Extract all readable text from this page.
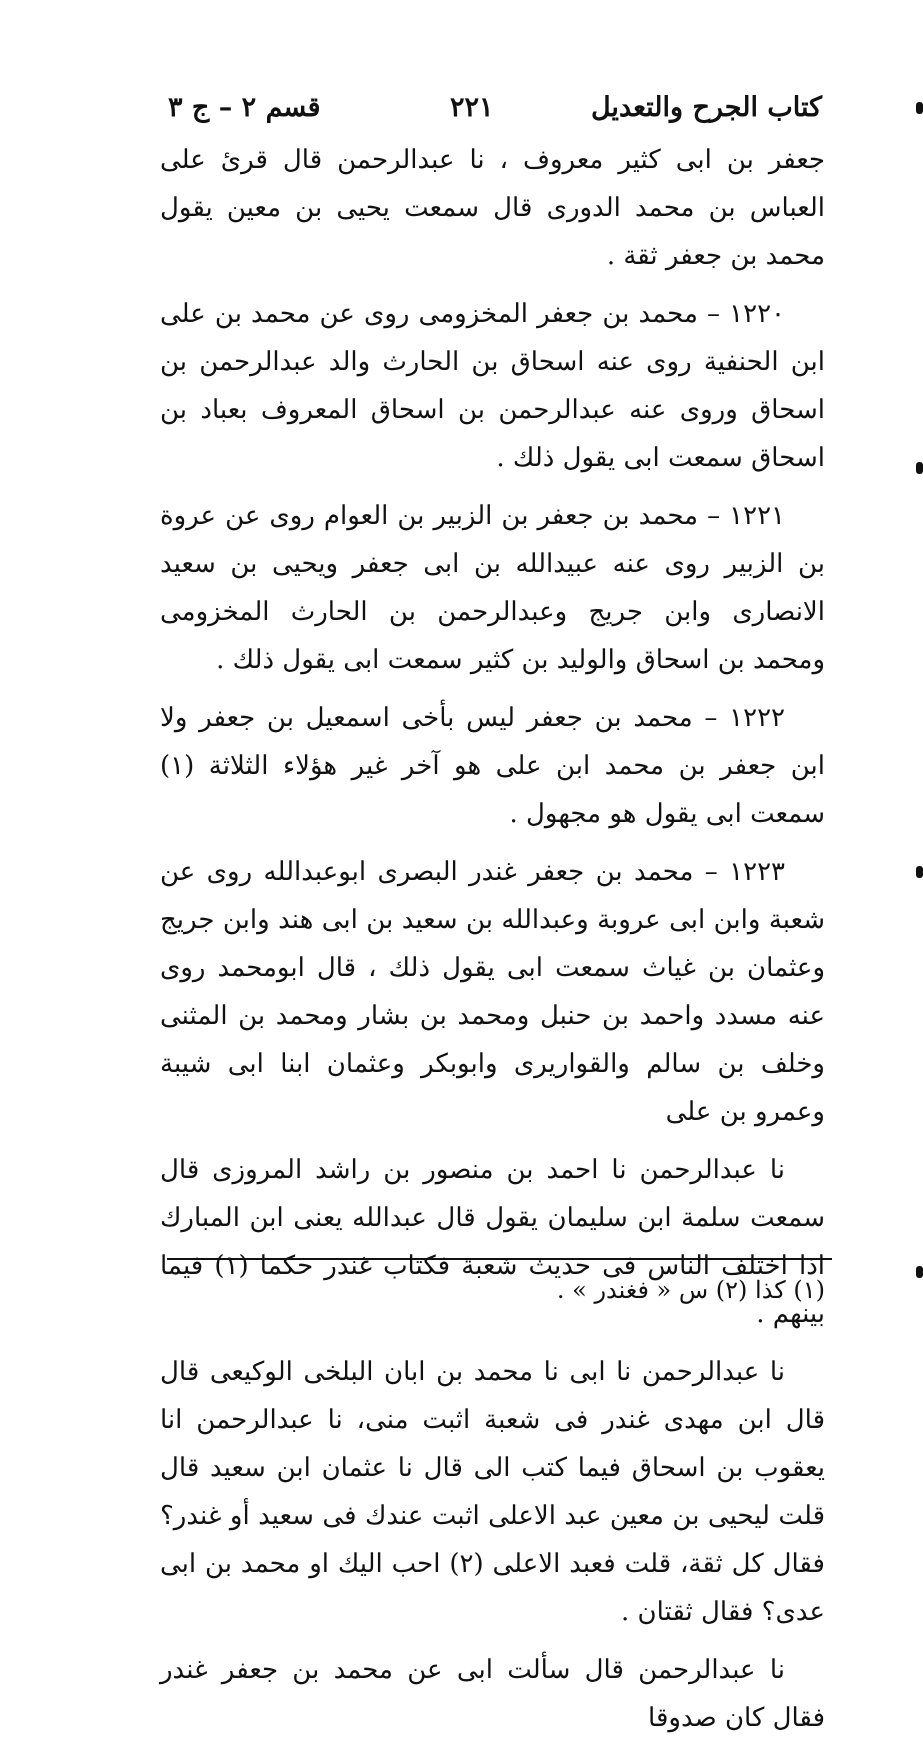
كتاب الجرح والتعديل
٢٢١
قسم ٢ – ج ٣

جعفر بن ابى كثير معروف ، نا عبدالرحمن قال قرئ على العباس بن محمد الدورى قال سمعت يحيى بن معين يقول محمد بن جعفر ثقة .

١٢٢٠ – محمد بن جعفر المخزومى روى عن محمد بن على ابن الحنفية روى عنه اسحاق بن الحارث والد عبدالرحمن بن اسحاق وروى عنه عبدالرحمن بن اسحاق المعروف بعباد بن اسحاق سمعت ابى يقول ذلك .

١٢٢١ – محمد بن جعفر بن الزبير بن العوام روى عن عروة بن الزبير روى عنه عبيدالله بن ابى جعفر ويحيى بن سعيد الانصارى وابن جريج وعبدالرحمن بن الحارث المخزومى ومحمد بن اسحاق والوليد بن كثير سمعت ابى يقول ذلك .

١٢٢٢ – محمد بن جعفر ليس بأخى اسمعيل بن جعفر ولا ابن جعفر بن محمد ابن على هو آخر غير هؤلاء الثلاثة (١) سمعت ابى يقول هو مجهول .

١٢٢٣ – محمد بن جعفر غندر البصرى ابوعبدالله روى عن شعبة وابن ابى عروبة وعبدالله بن سعيد بن ابى هند وابن جريج وعثمان بن غياث سمعت ابى يقول ذلك ، قال ابومحمد روى عنه مسدد واحمد بن حنبل ومحمد بن بشار ومحمد بن المثنى وخلف بن سالم والقواريرى وابوبكر وعثمان ابنا ابى شيبة وعمرو بن على

نا عبدالرحمن نا احمد بن منصور بن راشد المروزى قال سمعت سلمة ابن سليمان يقول قال عبدالله يعنى ابن المبارك اذا اختلف الناس فى حديث شعبة فكتاب غندر حكما (١) فيما بينهم .

نا عبدالرحمن نا ابى نا محمد بن ابان البلخى الوكيعى قال قال ابن مهدى غندر فى شعبة اثبت منى، نا عبدالرحمن انا يعقوب بن اسحاق فيما كتب الى قال نا عثمان ابن سعيد قال قلت ليحيى بن معين عبد الاعلى اثبت عندك فى سعيد أو غندر؟ فقال كل ثقة، قلت فعبد الاعلى (٢) احب اليك او محمد بن ابى عدى؟ فقال ثقتان .

نا عبدالرحمن قال سألت ابى عن محمد بن جعفر غندر فقال كان صدوقا

(١) كذا (٢) س « فغندر » .
